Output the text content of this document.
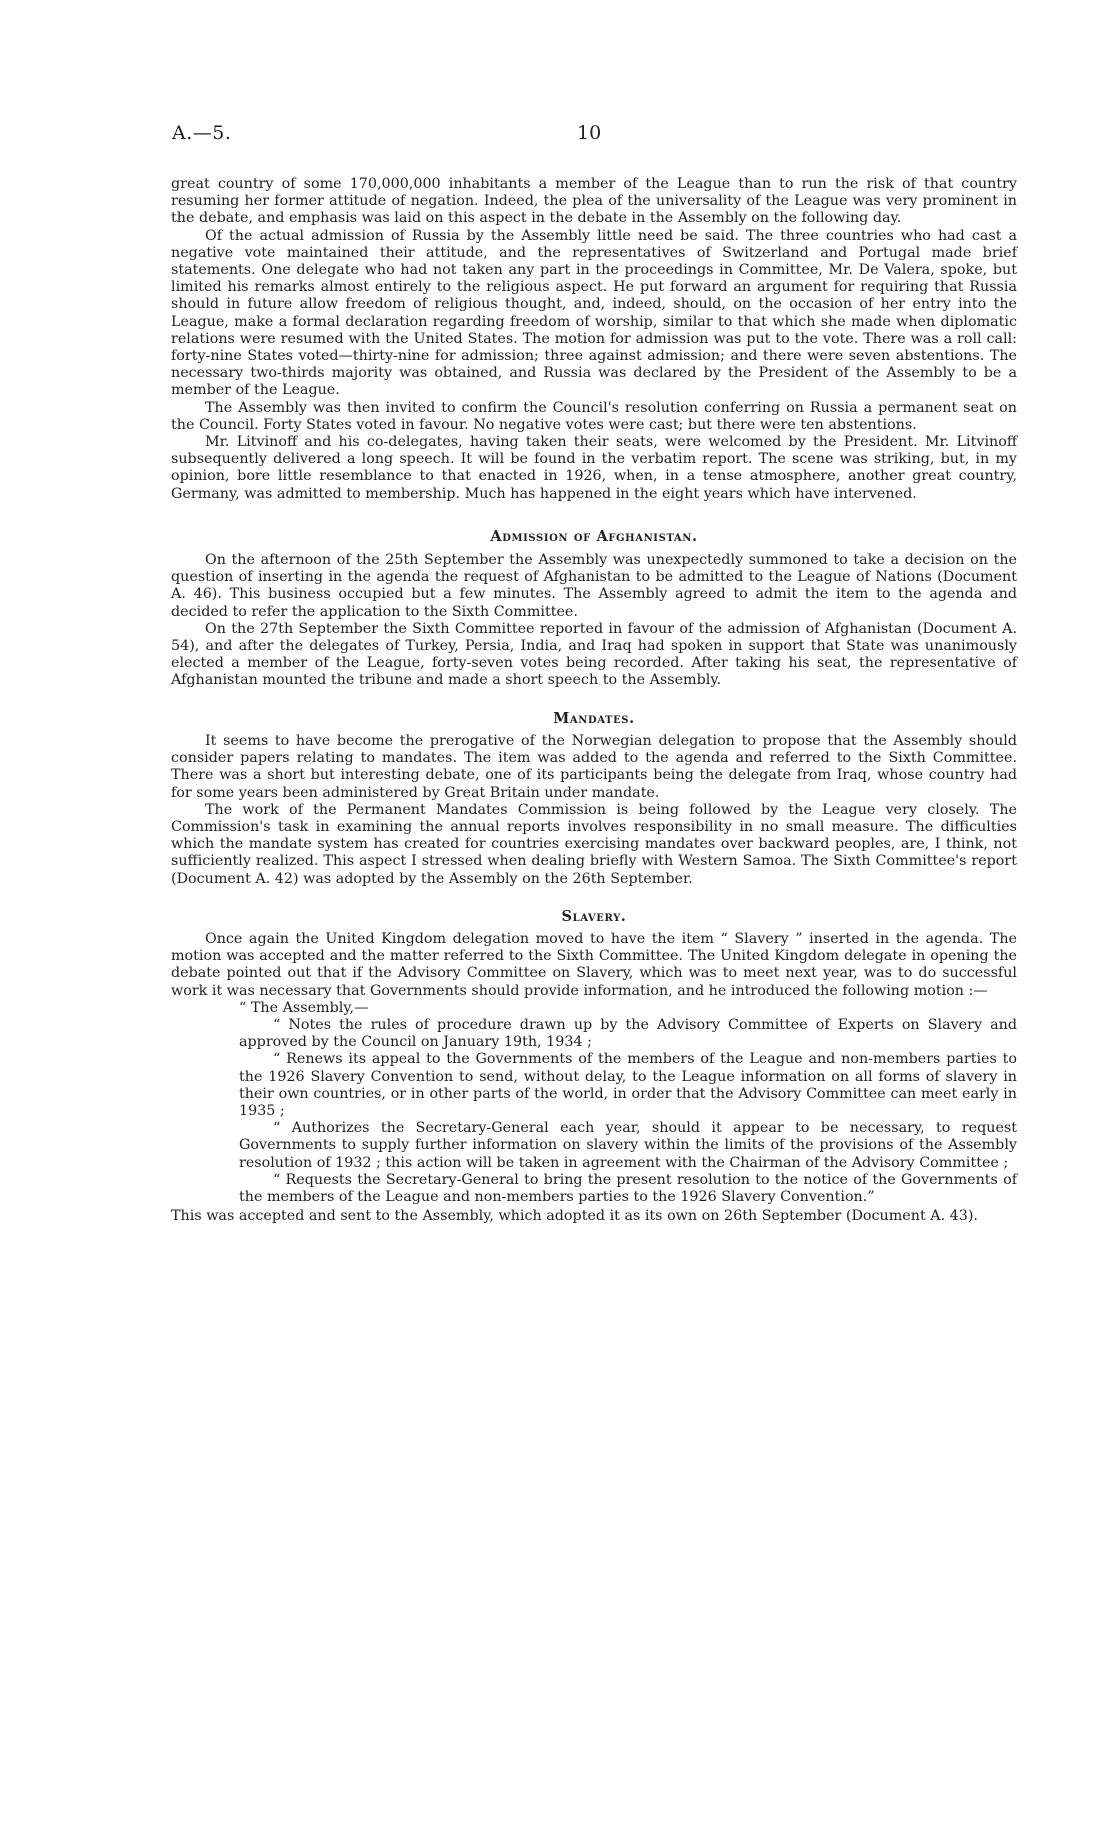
A.—5.	10

great country of some 170,000,000 inhabitants a member of the League than to run the risk of that country resuming her former attitude of negation. Indeed, the plea of the universality of the League was very prominent in the debate, and emphasis was laid on this aspect in the debate in the Assembly on the following day.

Of the actual admission of Russia by the Assembly little need be said. The three countries who had cast a negative vote maintained their attitude, and the representatives of Switzerland and Portugal made brief statements. One delegate who had not taken any part in the proceedings in Committee, Mr. De Valera, spoke, but limited his remarks almost entirely to the religious aspect. He put forward an argument for requiring that Russia should in future allow freedom of religious thought, and, indeed, should, on the occasion of her entry into the League, make a formal declaration regarding freedom of worship, similar to that which she made when diplomatic relations were resumed with the United States. The motion for admission was put to the vote. There was a roll call: forty-nine States voted—thirty-nine for admission; three against admission; and there were seven abstentions. The necessary two-thirds majority was obtained, and Russia was declared by the President of the Assembly to be a member of the League.

The Assembly was then invited to confirm the Council's resolution conferring on Russia a permanent seat on the Council. Forty States voted in favour. No negative votes were cast; but there were ten abstentions.

Mr. Litvinoff and his co-delegates, having taken their seats, were welcomed by the President. Mr. Litvinoff subsequently delivered a long speech. It will be found in the verbatim report. The scene was striking, but, in my opinion, bore little resemblance to that enacted in 1926, when, in a tense atmosphere, another great country, Germany, was admitted to membership. Much has happened in the eight years which have intervened.

Admission of Afghanistan.

On the afternoon of the 25th September the Assembly was unexpectedly summoned to take a decision on the question of inserting in the agenda the request of Afghanistan to be admitted to the League of Nations (Document A. 46). This business occupied but a few minutes. The Assembly agreed to admit the item to the agenda and decided to refer the application to the Sixth Committee.

On the 27th September the Sixth Committee reported in favour of the admission of Afghanistan (Document A. 54), and after the delegates of Turkey, Persia, India, and Iraq had spoken in support that State was unanimously elected a member of the League, forty-seven votes being recorded. After taking his seat, the representative of Afghanistan mounted the tribune and made a short speech to the Assembly.

Mandates.

It seems to have become the prerogative of the Norwegian delegation to propose that the Assembly should consider papers relating to mandates. The item was added to the agenda and referred to the Sixth Committee. There was a short but interesting debate, one of its participants being the delegate from Iraq, whose country had for some years been administered by Great Britain under mandate.

The work of the Permanent Mandates Commission is being followed by the League very closely. The Commission's task in examining the annual reports involves responsibility in no small measure. The difficulties which the mandate system has created for countries exercising mandates over backward peoples, are, I think, not sufficiently realized. This aspect I stressed when dealing briefly with Western Samoa. The Sixth Committee's report (Document A. 42) was adopted by the Assembly on the 26th September.

Slavery.

Once again the United Kingdom delegation moved to have the item “ Slavery ” inserted in the agenda. The motion was accepted and the matter referred to the Sixth Committee. The United Kingdom delegate in opening the debate pointed out that if the Advisory Committee on Slavery, which was to meet next year, was to do successful work it was necessary that Governments should provide information, and he introduced the following motion :—

“ The Assembly,—

“ Notes the rules of procedure drawn up by the Advisory Committee of Experts on Slavery and approved by the Council on January 19th, 1934 ;

“ Renews its appeal to the Governments of the members of the League and non-members parties to the 1926 Slavery Convention to send, without delay, to the League information on all forms of slavery in their own countries, or in other parts of the world, in order that the Advisory Committee can meet early in 1935 ;

“ Authorizes the Secretary-General each year, should it appear to be necessary, to request Governments to supply further information on slavery within the limits of the provisions of the Assembly resolution of 1932 ; this action will be taken in agreement with the Chairman of the Advisory Committee ;

“ Requests the Secretary-General to bring the present resolution to the notice of the Governments of the members of the League and non-members parties to the 1926 Slavery Convention.”

This was accepted and sent to the Assembly, which adopted it as its own on 26th September (Document A. 43).
